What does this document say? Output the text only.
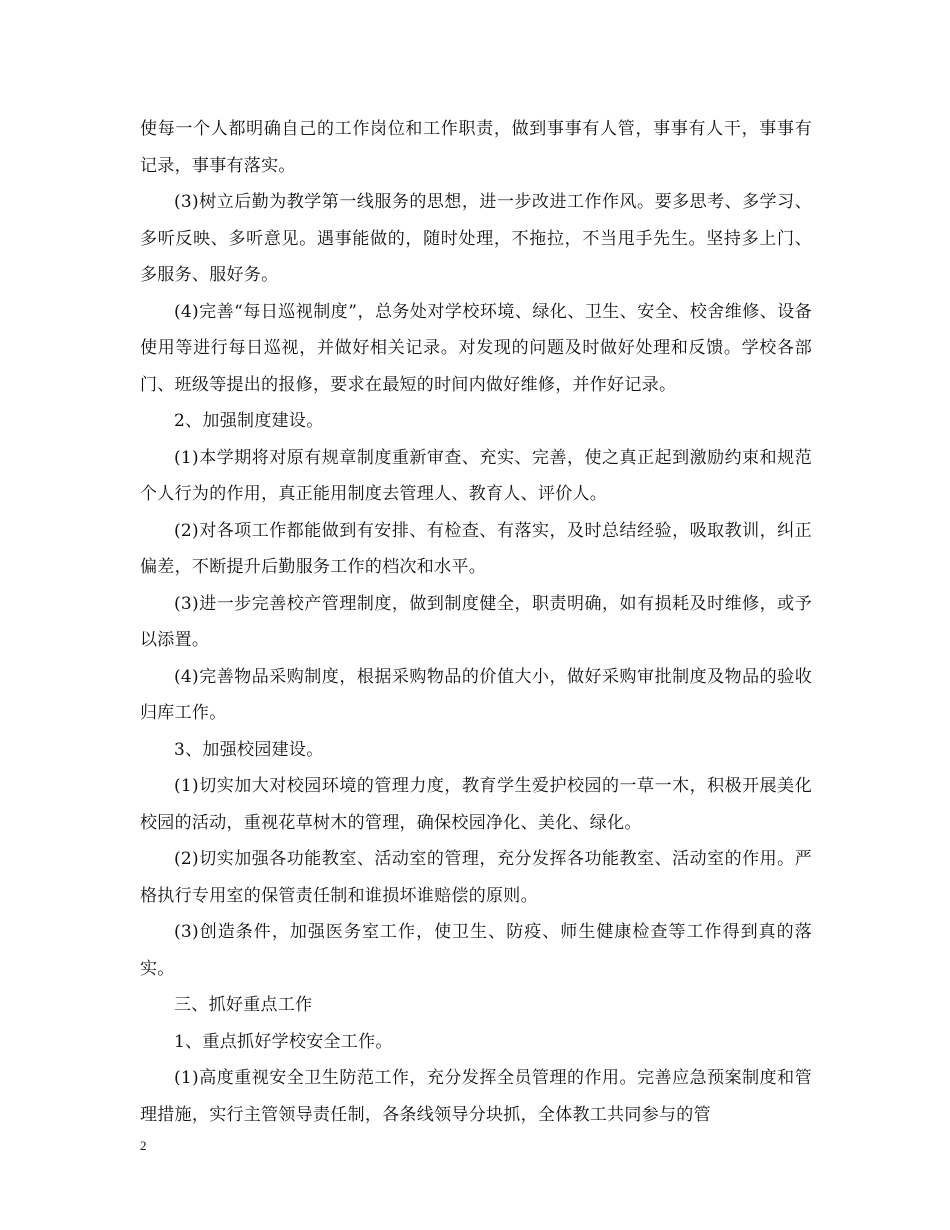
使每一个人都明确自己的工作岗位和工作职责，做到事事有人管，事事有人干，事事有记录，事事有落实。

(3)树立后勤为教学第一线服务的思想，进一步改进工作作风。要多思考、多学习、多听反映、多听意见。遇事能做的，随时处理，不拖拉，不当甩手先生。坚持多上门、多服务、服好务。

(4)完善“每日巡视制度”，总务处对学校环境、绿化、卫生、安全、校舍维修、设备使用等进行每日巡视，并做好相关记录。对发现的问题及时做好处理和反馈。学校各部门、班级等提出的报修，要求在最短的时间内做好维修，并作好记录。

2、加强制度建设。

(1)本学期将对原有规章制度重新审查、充实、完善，使之真正起到激励约束和规范个人行为的作用，真正能用制度去管理人、教育人、评价人。

(2)对各项工作都能做到有安排、有检查、有落实，及时总结经验，吸取教训，纠正偏差，不断提升后勤服务工作的档次和水平。

(3)进一步完善校产管理制度，做到制度健全，职责明确，如有损耗及时维修，或予以添置。

(4)完善物品采购制度，根据采购物品的价值大小，做好采购审批制度及物品的验收归库工作。

3、加强校园建设。

(1)切实加大对校园环境的管理力度，教育学生爱护校园的一草一木，积极开展美化校园的活动，重视花草树木的管理，确保校园净化、美化、绿化。

(2)切实加强各功能教室、活动室的管理，充分发挥各功能教室、活动室的作用。严格执行专用室的保管责任制和谁损坏谁赔偿的原则。

(3)创造条件，加强医务室工作，使卫生、防疫、师生健康检查等工作得到真的落实。

三、抓好重点工作

1、重点抓好学校安全工作。

(1)高度重视安全卫生防范工作，充分发挥全员管理的作用。完善应急预案制度和管理措施，实行主管领导责任制，各条线领导分块抓，全体教工共同参与的管

2
